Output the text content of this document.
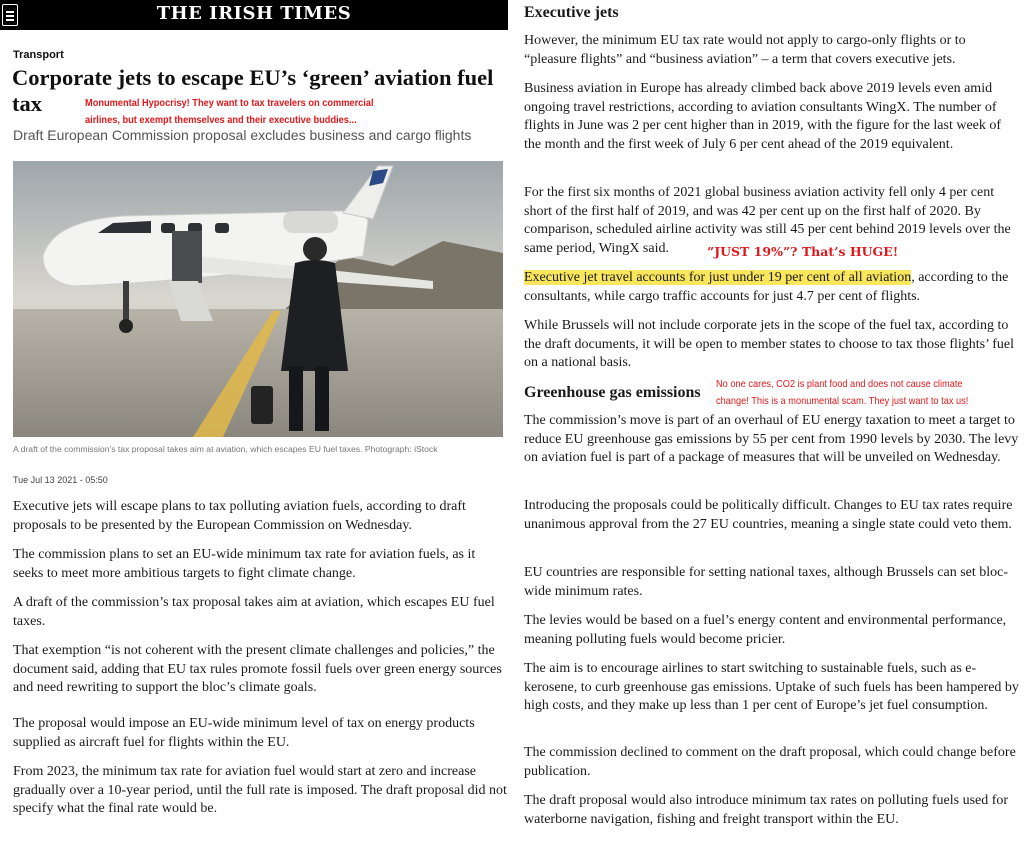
THE IRISH TIMES
Transport
Corporate jets to escape EU’s ‘green’ aviation fuel tax	Monumental Hypocrisy! They want to tax travelers on commercial airlines, but exempt themselves and their executive buddies...
Draft European Commission proposal excludes business and cargo flights
A draft of the commission’s tax proposal takes aim at aviation, which escapes EU fuel taxes. Photograph: iStock
Tue Jul 13 2021 - 05:50

Executive jets will escape plans to tax polluting aviation fuels, according to draft proposals to be presented by the European Commission on Wednesday.

The commission plans to set an EU-wide minimum tax rate for aviation fuels, as it seeks to meet more ambitious targets to fight climate change.

A draft of the commission’s tax proposal takes aim at aviation, which escapes EU fuel taxes.

That exemption “is not coherent with the present climate challenges and policies,” the document said, adding that EU tax rules promote fossil fuels over green energy sources and need rewriting to support the bloc’s climate goals.

The proposal would impose an EU-wide minimum level of tax on energy products supplied as aircraft fuel for flights within the EU.

From 2023, the minimum tax rate for aviation fuel would start at zero and increase gradually over a 10-year period, until the full rate is imposed. The draft proposal did not specify what the final rate would be.

Executive jets

However, the minimum EU tax rate would not apply to cargo-only flights or to “pleasure flights” and “business aviation” – a term that covers executive jets.

Business aviation in Europe has already climbed back above 2019 levels even amid ongoing travel restrictions, according to aviation consultants WingX. The number of flights in June was 2 per cent higher than in 2019, with the figure for the last week of the month and the first week of July 6 per cent ahead of the 2019 equivalent.

For the first six months of 2021 global business aviation activity fell only 4 per cent short of the first half of 2019, and was 42 per cent up on the first half of 2020. By comparison, scheduled airline activity was still 45 per cent behind 2019 levels over the same period, WingX said.	”JUST 19%”? That’s HUGE!

Executive jet travel accounts for just under 19 per cent of all aviation, according to the consultants, while cargo traffic accounts for just 4.7 per cent of flights.

While Brussels will not include corporate jets in the scope of the fuel tax, according to the draft documents, it will be open to member states to choose to tax those flights’ fuel on a national basis.

Greenhouse gas emissions No one cares, CO2 is plant food and does not cause climate change! This is a monumental scam. They just want to tax us!

The commission’s move is part of an overhaul of EU energy taxation to meet a target to reduce EU greenhouse gas emissions by 55 per cent from 1990 levels by 2030. The levy on aviation fuel is part of a package of measures that will be unveiled on Wednesday.

Introducing the proposals could be politically difficult. Changes to EU tax rates require unanimous approval from the 27 EU countries, meaning a single state could veto them.

EU countries are responsible for setting national taxes, although Brussels can set bloc-wide minimum rates.

The levies would be based on a fuel’s energy content and environmental performance, meaning polluting fuels would become pricier.

The aim is to encourage airlines to start switching to sustainable fuels, such as e-kerosene, to curb greenhouse gas emissions. Uptake of such fuels has been hampered by high costs, and they make up less than 1 per cent of Europe’s jet fuel consumption.

The commission declined to comment on the draft proposal, which could change before publication.

The draft proposal would also introduce minimum tax rates on polluting fuels used for waterborne navigation, fishing and freight transport within the EU.
